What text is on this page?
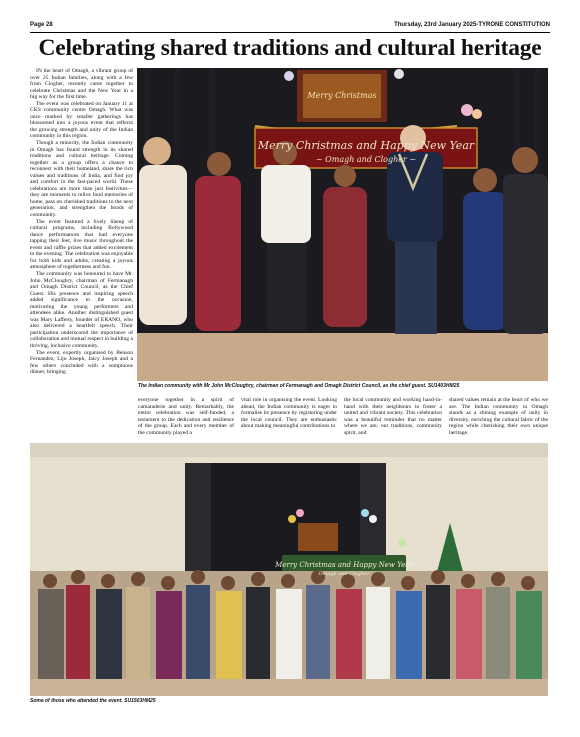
Page 28	Thursday, 23rd January 2025-TYRONE CONSTITUTION
Celebrating shared traditions and cultural heritage

IN the heart of Omagh, a vibrant group of over 25 Indian families, along with a few from Clogher, recently came together to celebrate Christmas and the New Year in a big way for the first time.

The event was celebrated on January 11 at CKS community centre Omagh. What was once marked by smaller gatherings has blossomed into a joyous event that reflects the growing strength and unity of the Indian community in this region.

Though a minority, the Indian community in Omagh has found strength in its shared traditions and cultural heritage. Coming together as a group offers a chance to reconnect with their homeland, share the rich values and traditions of India, and find joy and comfort in the fast-paced world. These celebrations are more than just festivities—they are moments to relive fond memories of home, pass on cherished traditions to the next generation, and strengthen the bonds of community.

The event featured a lively lineup of cultural programs, including Bollywood dance performances that had everyone tapping their feet, live music throughout the event and raffle prizes that added excitement to the evening. The celebration was enjoyable for both kids and adults, creating a joyous atmosphere of togetherness and fun.

The community was honoured to have Mr. John McCloughry, chairman of Fermanagh and Omagh District Council, as the Chief Guest. His presence and inspiring speech added significance to the occasion, motivating the young performers and attendees alike. Another distinguished guest was Mary Lafferty, founder of ERANO, who also delivered a heartfelt speech. Their participation underscored the importance of collaboration and mutual respect in building a thriving, inclusive community.

The event, expertly organised by Benson Fernandez, Lijo Joseph, Jaicy Joseph and a few others concluded with a sumptuous dinner, bringing

Merry Christmas and Happy New Year
~ Omagh and Clogher ~
Merry Christmas
The Indian community with Mr John McCloughry, chairman of Fermanagh and Omagh District Council, as the chief guest. SU1403HM25
everyone together in a spirit of camaraderie and unity. Remarkably, the entire celebration was self-funded, a testament to the dedication and resilience of the group. Each and every member of the community played a
vital role in organising the event. Looking ahead, the Indian community is eager to formalise its presence by registering under the local council. They are enthusiastic about making meaningful contributions to
the local community and working hand-in-hand with their neighbours to foster a united and vibrant society. This celebration was a beautiful reminder that no matter where we are, our traditions, community spirit, and
shared values remain at the heart of who we are. The Indian community in Omagh stands as a shining example of unity in diversity, enriching the cultural fabric of the region while cherishing their own unique heritage.
Merry Christmas and Happy New Year
Omagh and Clogher
Some of those who attended the event. SU1503HM25
